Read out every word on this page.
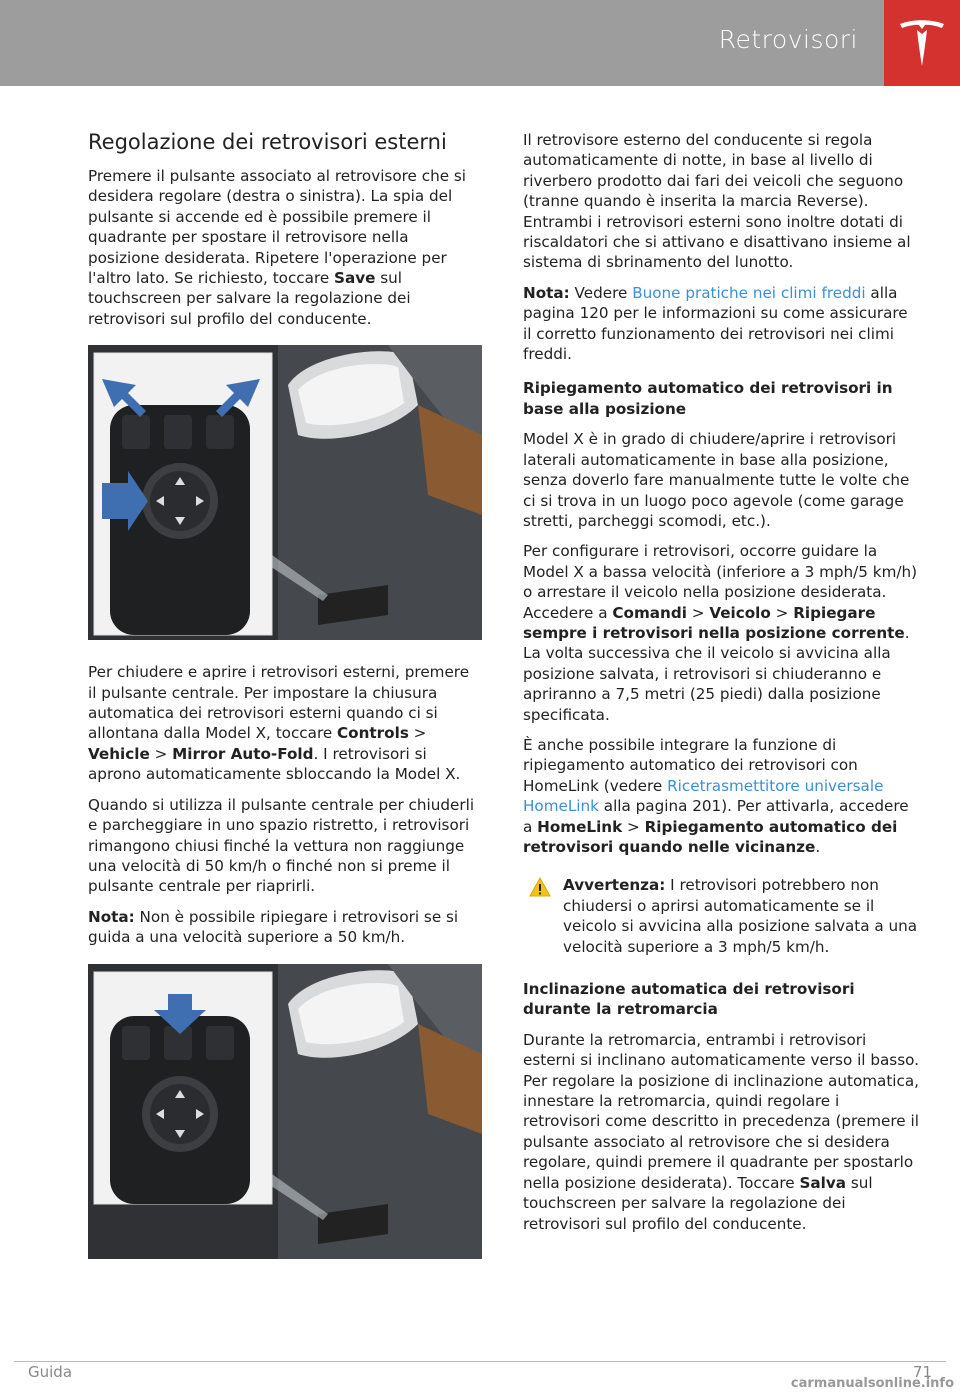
Retrovisori
Regolazione dei retrovisori esterni

Premere il pulsante associato al retrovisore che si desidera regolare (destra o sinistra). La spia del pulsante si accende ed è possibile premere il quadrante per spostare il retrovisore nella posizione desiderata. Ripetere l'operazione per l'altro lato. Se richiesto, toccare Save sul touchscreen per salvare la regolazione dei retrovisori sul profilo del conducente.

Per chiudere e aprire i retrovisori esterni, premere il pulsante centrale. Per impostare la chiusura automatica dei retrovisori esterni quando ci si allontana dalla Model X, toccare Controls > Vehicle > Mirror Auto-Fold. I retrovisori si aprono automaticamente sbloccando la Model X.

Quando si utilizza il pulsante centrale per chiuderli e parcheggiare in uno spazio ristretto, i retrovisori rimangono chiusi finché la vettura non raggiunge una velocità di 50 km/h o finché non si preme il pulsante centrale per riaprirli.

Nota: Non è possibile ripiegare i retrovisori se si guida a una velocità superiore a 50 km/h.

Il retrovisore esterno del conducente si regola automaticamente di notte, in base al livello di riverbero prodotto dai fari dei veicoli che seguono (tranne quando è inserita la marcia Reverse). Entrambi i retrovisori esterni sono inoltre dotati di riscaldatori che si attivano e disattivano insieme al sistema di sbrinamento del lunotto.

Nota: Vedere Buone pratiche nei climi freddi alla pagina 120 per le informazioni su come assicurare il corretto funzionamento dei retrovisori nei climi freddi.

Ripiegamento automatico dei retrovisori in base alla posizione

Model X è in grado di chiudere/aprire i retrovisori laterali automaticamente in base alla posizione, senza doverlo fare manualmente tutte le volte che ci si trova in un luogo poco agevole (come garage stretti, parcheggi scomodi, etc.).

Per configurare i retrovisori, occorre guidare la Model X a bassa velocità (inferiore a 3 mph/5 km/h) o arrestare il veicolo nella posizione desiderata. Accedere a Comandi > Veicolo > Ripiegare sempre i retrovisori nella posizione corrente. La volta successiva che il veicolo si avvicina alla posizione salvata, i retrovisori si chiuderanno e apriranno a 7,5 metri (25 piedi) dalla posizione specificata.

È anche possibile integrare la funzione di ripiegamento automatico dei retrovisori con HomeLink (vedere Ricetrasmettitore universale HomeLink alla pagina 201). Per attivarla, accedere a HomeLink > Ripiegamento automatico dei retrovisori quando nelle vicinanze.

Avvertenza: I retrovisori potrebbero non chiudersi o aprirsi automaticamente se il veicolo si avvicina alla posizione salvata a una velocità superiore a 3 mph/5 km/h.

Inclinazione automatica dei retrovisori durante la retromarcia

Durante la retromarcia, entrambi i retrovisori esterni si inclinano automaticamente verso il basso. Per regolare la posizione di inclinazione automatica, innestare la retromarcia, quindi regolare i retrovisori come descritto in precedenza (premere il pulsante associato al retrovisore che si desidera regolare, quindi premere il quadrante per spostarlo nella posizione desiderata). Toccare Salva sul touchscreen per salvare la regolazione dei retrovisori sul profilo del conducente.

Guida	71
carmanualsonline.info
